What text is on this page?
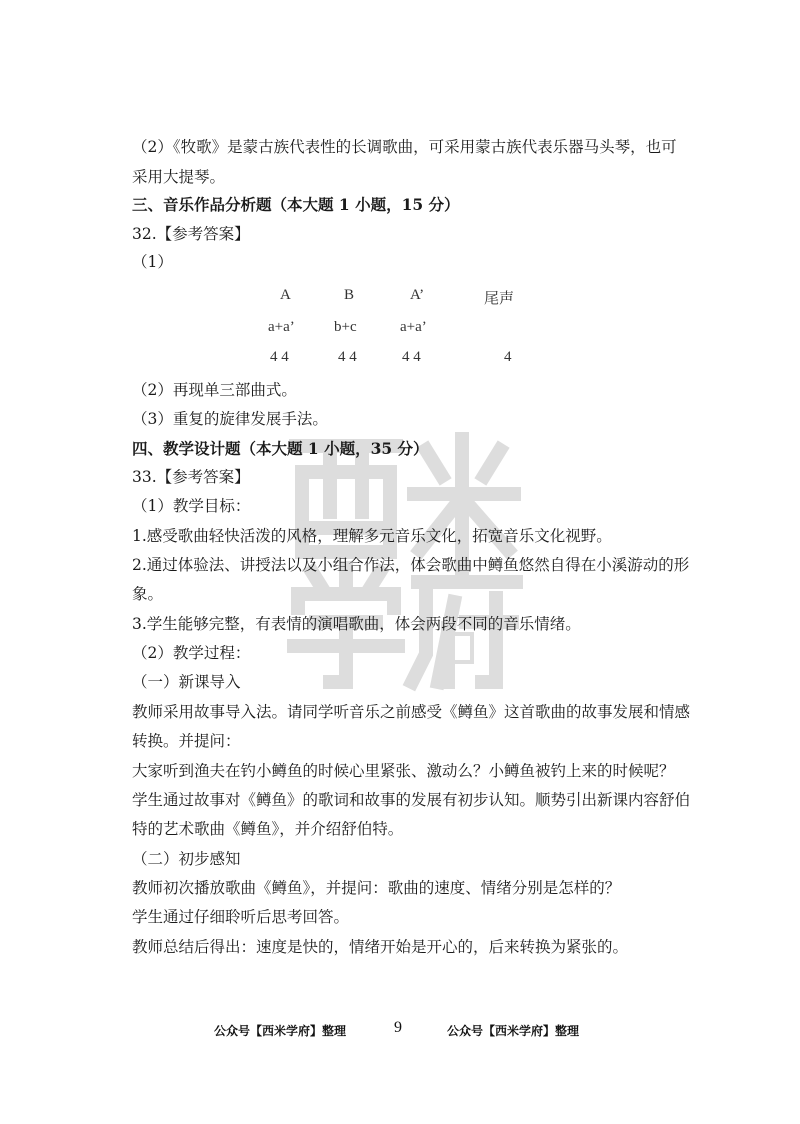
（2）《牧歌》是蒙古族代表性的长调歌曲，可采用蒙古族代表乐器马头琴，也可
采用大提琴。
三、音乐作品分析题（本大题 1 小题，15 分）
32.【参考答案】
（1）
A	B	A’	尾声
a+a’	b+c	a+a’
4 4	4 4	4 4	4
（2）再现单三部曲式。
（3）重复的旋律发展手法。
四、教学设计题（本大题 1 小题，35 分）
33.【参考答案】
（1）教学目标：
1.感受歌曲轻快活泼的风格，理解多元音乐文化，拓宽音乐文化视野。
2.通过体验法、讲授法以及小组合作法，体会歌曲中鳟鱼悠然自得在小溪游动的形
象。
3.学生能够完整，有表情的演唱歌曲，体会两段不同的音乐情绪。
（2）教学过程：
（一）新课导入
教师采用故事导入法。请同学听音乐之前感受《鳟鱼》这首歌曲的故事发展和情感
转换。并提问：
大家听到渔夫在钓小鳟鱼的时候心里紧张、激动么？小鳟鱼被钓上来的时候呢？
学生通过故事对《鳟鱼》的歌词和故事的发展有初步认知。顺势引出新课内容舒伯
特的艺术歌曲《鳟鱼》，并介绍舒伯特。
（二）初步感知
教师初次播放歌曲《鳟鱼》，并提问：歌曲的速度、情绪分别是怎样的？
学生通过仔细聆听后思考回答。
教师总结后得出：速度是快的，情绪开始是开心的，后来转换为紧张的。
公众号【西米学府】整理	9	公众号【西米学府】整理
